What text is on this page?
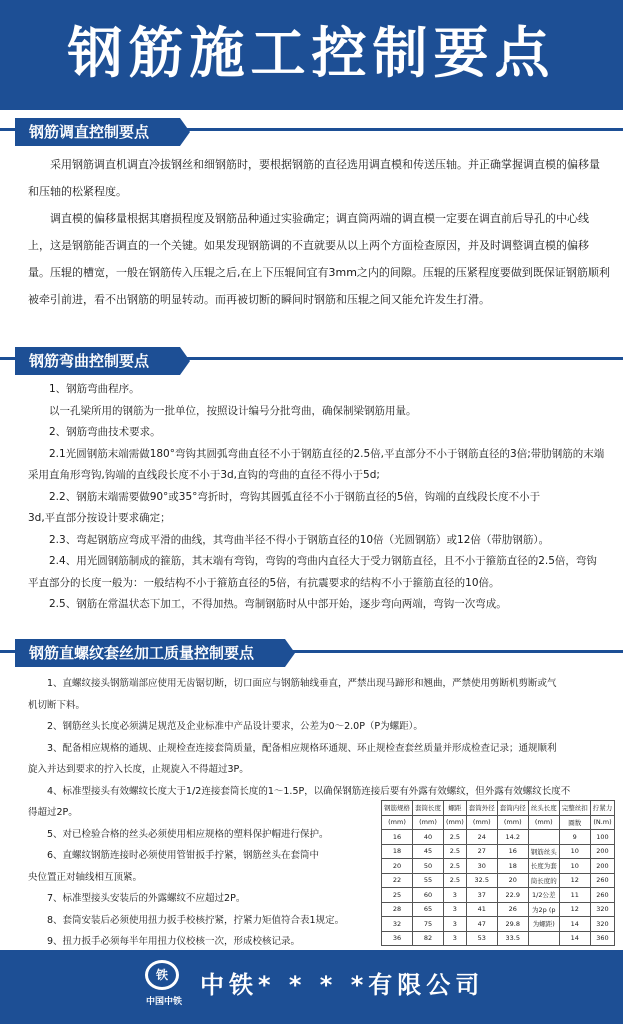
钢筋施工控制要点
钢筋调直控制要点

　　采用钢筋调直机调直冷拔钢丝和细钢筋时，要根据钢筋的直径选用调直模和传送压轴。并正确掌握调直模的偏移量

和压轴的松紧程度。

　　调直模的偏移量根据其磨损程度及钢筋品种通过实验确定；调直筒两端的调直模一定要在调直前后导孔的中心线

上，这是钢筋能否调直的一个关键。如果发现钢筋调的不直就要从以上两个方面检查原因，并及时调整调直模的偏移

量。压辊的槽宽，一般在钢筋传入压辊之后,在上下压辊间宜有3mm之内的间隙。压辊的压紧程度要做到既保证钢筋顺利

被牵引前进，看不出钢筋的明显转动。而再被切断的瞬间时钢筋和压辊之间又能允许发生打滑。

钢筋弯曲控制要点

　　1、钢筋弯曲程序。

　　以一孔梁所用的钢筋为一批单位，按照设计编号分批弯曲，确保制梁钢筋用量。

　　2、钢筋弯曲技术要求。

　　2.1光圆钢筋末端需做180°弯钩其圆弧弯曲直径不小于钢筋直径的2.5倍,平直部分不小于钢筋直径的3倍;带肋钢筋的末端

采用直角形弯钩,钩端的直线段长度不小于3d,直钩的弯曲的直径不得小于5d;

　　2.2、钢筋末端需要做90°或35°弯折时，弯钩其圆弧直径不小于钢筋直径的5倍，钩端的直线段长度不小于

3d,平直部分按设计要求确定；

　　2.3、弯起钢筋应弯成平滑的曲线，其弯曲半径不得小于钢筋直径的10倍（光圆钢筋）或12倍（带肋钢筋）。

　　2.4、用光圆钢筋制成的箍筋，其末端有弯钩，弯钩的弯曲内直径大于受力钢筋直径，且不小于箍筋直径的2.5倍，弯钩

平直部分的长度一般为：一般结构不小于箍筋直径的5倍，有抗震要求的结构不小于箍筋直径的10倍。

　　2.5、钢筋在常温状态下加工，不得加热。弯制钢筋时从中部开始，逐步弯向两端，弯钩一次弯成。

钢筋直螺纹套丝加工质量控制要点

　　1、直螺纹接头钢筋端部应使用无齿锯切断，切口面应与钢筋轴线垂直，严禁出现马蹄形和翘曲，严禁使用剪断机剪断或气

机切断下料。

　　2、钢筋丝头长度必须满足规范及企业标准中产品设计要求，公差为0～2.0P（P为螺距）。

　　3、配备相应规格的通规、止规检查连接套筒质量，配备相应规格环通规、环止规检查套丝质量并形成检查记录；通规顺利

旋入并达到要求的拧入长度，止规旋入不得超过3P。

　　4、标准型接头有效螺纹长度大于1/2连接套筒长度的1～1.5P，以确保钢筋连接后要有外露有效螺纹，但外露有效螺纹长度不

得超过2P。

　　5、对已检验合格的丝头必须使用相应规格的塑料保护帽进行保护。

　　6、直螺纹钢筋连接时必须使用管钳扳手拧紧，钢筋丝头在套筒中

央位置正对轴线相互顶紧。

　　7、标准型接头安装后的外露螺纹不应超过2P。

　　8、套筒安装后必须使用扭力扳手校核拧紧，拧紧力矩值符合表1规定。

　　9、扭力扳手必须每半年用扭力仪校核一次，形成校核记录。

钢筋规格	套筒长度	螺距	套筒外径	套筒内径	丝头长度	完整丝扣	拧紧力
(mm)	(mm)	(mm)	(mm)	(mm)	(mm)	圈数	(N.m)
16	40	2.5	24	14.2		9	100
18	45	2.5	27	16	钢筋丝头	10	200
20	50	2.5	30	18	长度为套	10	200
22	55	2.5	32.5	20	筒长度的	12	260
25	60	3	37	22.9	1/2公差	11	260
28	65	3	41	26	为2p (p	12	320
32	75	3	47	29.8	为螺距)	14	320
36	82	3	53	33.5		14	360
铁
中国中铁
中铁* * * *有限公司
